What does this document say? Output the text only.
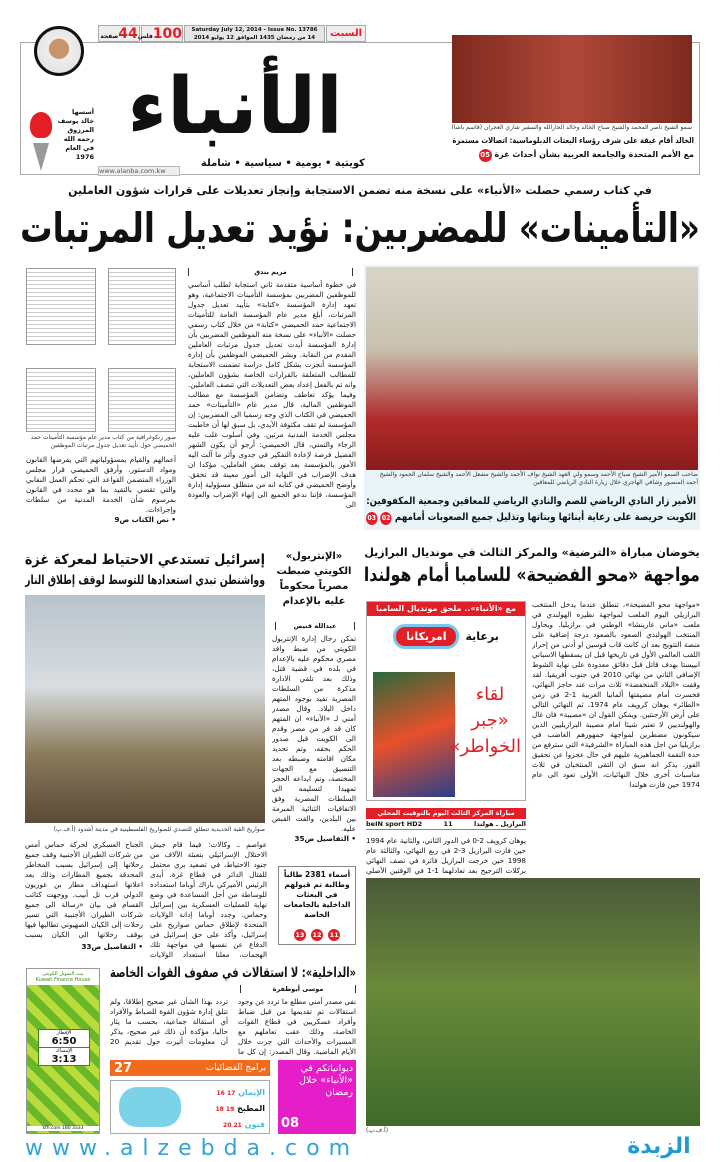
أسسها
خالد يوسف
المرزوق
رحمه الله
في العام
1976
44صفحة	100فلس
Saturday July 12, 2014 - Issue No. 13786
14 من رمضان 1435 الموافق 12 يوليو 2014	السبت
الأنباء
كويتية • يومية • سياسية • شاملة
www.alanba.com.kw
سمو الشيخ ناصر المحمد والشيخ صباح الخالد وخالد الجارالله والسفير شاري العجران (قاسم باشا)
الخالد أقام غبقة على شرف رؤساء البعثات الدبلوماسية: اتصالات مستمرة
مع الأمم المتحدة والجامعة العربية بشأن أحداث غزة 05
في كتاب رسمي حصلت «الأنباء» على نسخة منه تضمن الاستجابة وإنجاز تعديلات على قرارات شؤون العاملين
«التأمينات» للمضربين: نؤيد تعديل المرتبات
صور زنكوغرافية من كتاب مدير عام مؤسسة التأمينات حمد الحميضي حول تأييد تعديل جدول مرتبات الموظفين
مريم بندق
في خطوة أساسية متقدمة ثاني استجابة لطلب أساسي للموظفين المضربين بمؤسسة التأمينات الاجتماعية، وهو تعهد إدارة المؤسسة «كتابة» بتأييد تعديل جدول المرتبات، أبلغ مدير عام المؤسسة العامة للتأمينات الاجتماعية حمد الحميضي «كتابة» من خلال كتاب رسمي حصلت «الأنباء» على نسخة منه الموظفين المضربين بأن إدارة المؤسسة أيدت تعديل جدول مرتبات العاملين المقدم من النقابة. وبشر الحميضي الموظفين بأن إدارة المؤسسة أنجزت بشكل كامل دراسة تضمنت الاستجابة للمطالب المتعلقة بالقرارات الخاصة بشؤون العاملين، وانه تم بالفعل إعداد بعض التعديلات التي تنصف العاملين. وفيما يؤكد تعاطف وتضامن المؤسسة مع مطالب الموظفين المالية، قال مدير عام «التأمينات» حمد الحميضي في الكتاب الذي وجه رسميا الى المضربين: إن المؤسسة لم تقف مكتوفة الأيدي، بل سبق لها أن خاطبت مجلس الخدمة المدنية مرتين. وفي أسلوب غلب عليه الرجاء والتمني، قال الحميضي: أرجو أن يكون الشهر الفضيل فرصة لإعادة التفكير في جدوى وأثر ما آلت اليه الأمور بالمؤسسة بعد توقف بعض العاملين، مؤكدا ان هدف الإضراب في النهاية الى أمور معينة قد تحقق. وأوضح الحميضي في كتابه انه من منطلق مسؤولية إدارة المؤسسة، فإننا ندعو الجميع الى إنهاء الإضراب والعودة الى
أعمالهم والقيام بمسؤولياتهم التي يفرضها القانون ومواد الدستور. وأرفق الحميضي قرار مجلس الوزراء المتضمن القواعد التي تحكم العمل النقابي والتي تقضي بالتقيد بما هو محدد في القانون بمرسوم شأن الخدمة المدنية من سلطات وإجراءات.
• نص الكتاب ص9
صاحب السمو الأمير الشيخ صباح الأحمد وسمو ولي العهد الشيخ نواف الأحمد والشيخ مشعل الأحمد والشيخ سلمان الحمود والشيخ أحمد المنصور وشافي الهاجري خلال زيارة النادي الرياضي للمعاقين
الأمير زار النادي الرياضي للصم والنادي الرياضي للمعاقين وجمعية المكفوفين:
الكويت حريصة على رعاية أبنائها وبناتها وتذليل جميع الصعوبات أمامهم 02 03
يخوضان مباراة «الترضية» والمركز الثالث في مونديال البرازيل
مواجهة «محو الفضيحة» للسامبا أمام هولندا
مع «الأنباء».. ملحق مونديال السامبا
برعاية
امريكانا
لقاء «جبر الخواطر»
مباراة المركز الثالث اليوم بالتوقيت المحلي
البرازيل ـ هولندا
11
beIN sport HD2
«مواجهة محو الفضيحة»، تنطلق عندما يدخل المنتخب البرازيلي اليوم الملعب لمواجهة نظيره الهولندي في ملعب «ماني غارينشا» الوطني في برازيليا. ويحاول المنتخب الهولندي الصعود بالصعود درجة إضافية على منصة التتويج بعد ان كانت قاب قوسين او أدنى من إحراز اللقب العالمي الأول في تاريخها قبل ان يسقطها الاسباني انييستا بهدف قاتل قبل دقائق معدودة على نهاية الشوط الإضافي الثاني من نهائي 2010 في جنوب أفريقيا. لقد وقفت «البلاد المنخفضة» ثلاث مرات عند حاجز النهائي، فخسرت أمام مضيفتها ألمانيا الغربية 1-2 في زمن «الطائر» يوهان كرويف عام 1974، ثم النهائي التالي على أرض الأرجنتين. ويمكن القول ان «مصيبة» فان غال والهولنديين لا تعتبر شيئا امام مصيبة البرازيليين الذين سيكونون مضطرين لمواجهة جمهورهم الغاضب في برازيليا من اجل هذه المباراة «الشرفية» التي سترفع من حدة النقمة الجماهيرية عليهم في حال عجزوا عن تحقيق الفوز. يذكر انه سبق ان التقى المنتخبان في ثلاث مناسبات أخرى خلال النهائيات، الأولى تعود الى عام 1974 حين فازت هولندا
يوهان كرويف 2-0 في الدور الثاني، والثانية عام 1994 حين فازت البرازيل 3-2 في ربع النهائي، والثالثة عام 1998 حين خرجت البرازيل فائزة في نصف النهائي بركلات الترجيح بعد تعادلهما 1-1 في الوقتين الأصلي
(أ.ف.پ)
إسرائيل تستدعي الاحتياط لمعركة غزة
وواشنطن تبدي استعدادها للتوسط لوقف إطلاق النار
صواريخ القبة الحديدية تنطلق للتصدي للصواريخ الفلسطينية في مدينة أشدود (أ.ف.پ)
عواصم ـ وكالات: فيما قام جيش الاحتلال الإسرائيلي بتعبئة الآلاف من جنود الاحتياط، في تصعيد بري محتمل للقتال الدائر في قطاع غزة، أبدى الرئيس الأميركي باراك أوباما استعداده للوساطة من أجل المساعدة في وضع نهاية للعمليات العسكرية بين إسرائيل وحماس. وجدد أوباما إدانة الولايات المتحدة لإطلاق حماس صواريخ على إسرائيل، وأكد على حق إسرائيل في الدفاع عن نفسها في مواجهة تلك الهجمات، معلنا استعداد الولايات
الجناح العسكري لحركة حماس أمس من شركات الطيران الأجنبية وقف جميع رحلاتها إلى إسرائيل بسبب المخاطر المحدقة بجميع المطارات وذلك بعد اعلانها استهداف مطار بن غوريون الدولي قرب تل أبيب. ووجهت كتائب القسام في بيان «رسالة الى جميع شركات الطيران الأجنبية التي تسير رحلات إلى الكيان الصهيوني تطالبها فيها بوقف رحلاتها الى الكيان بسبب
• التفاصيل ص33
«الإنتربول» الكويتي ضبطت مصرياً محكوماً عليه بالإعدام
عبدالله قنيص
تمكن رجال إدارة الإنتربول الكويتي من ضبط وافد مصري محكوم عليه بالإعدام في بلده في قضية قتل، وذلك بعد تلقي الادارة مذكرة من السلطات المصرية تفيد بوجود المتهم داخل البلاد. وقال مصدر أمني لـ «الأنباء» ان المتهم كان قد فر من مصر وقدم الى الكويت قبل صدور الحكم بحقه، وتم تحديد مكان اقامته وضبطه بعد التنسيق مع الجهات المختصة، وتم ايداعه الحجز تمهيدا لتسليمه الى السلطات المصرية وفق الاتفاقيات الثنائية المبرمة بين البلدين، والقت القبض عليه.
• التفاصيل ص35
أسماء 2381 طالباً وطالبة تم قبولهم في البعثات الداخلية بالجامعات الخاصة
11 12 13
«الداخلية»: لا استقالات في صفوف القوات الخاصة
موسى أبوطفرة
نفى مصدر أمني مطلع ما تردد عن وجود استقالات تم تقديمها من قبل ضباط وأفراد عسكريين في قطاع القوات الخاصة، وذلك عقب تعاملهم مع المسيرات والأحداث التي جرت خلال الأيام الماضية. وقال المصدر: إن كل ما تردد بهذا الشأن غير صحيح إطلاقا، ولم تتلق إدارة شؤون القوة للضباط والأفراد أي استقالة جماعية، بحسب ما يثار حاليا، مؤكدة أن ذلك غير صحيح، يذكر أن معلومات أثيرت حول تقديم 20
بيت التمويل الكويتي
Kuwait Finance House
الإفطار
6:50
الإمساك
3:13
kfh.com 180 3333
27	برامج الفضائيات
الإيمان 17 16
المطبخ 19 18
فنون 21 20
ديوانياتكم في «الأنباء» خلال رمضان
08
www.alzebda.com	الزبدة
